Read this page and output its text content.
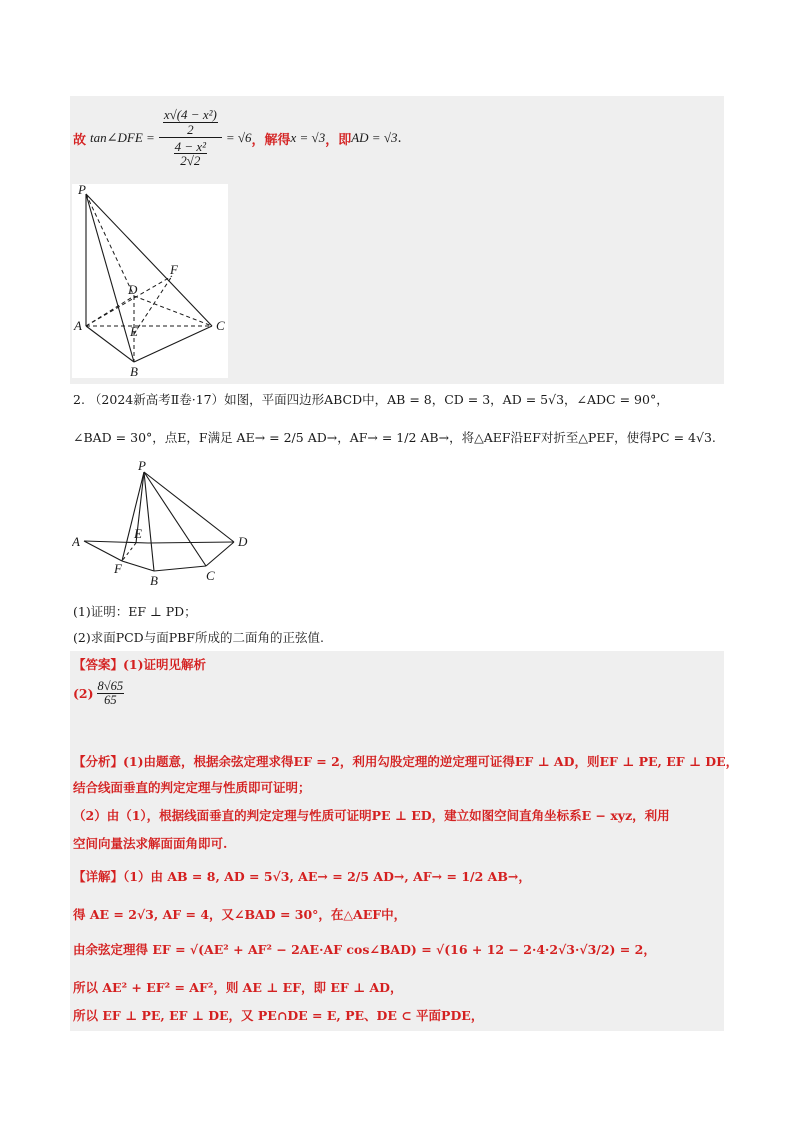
故 tan∠DFE = $\frac{\frac{\text{x√(4 − x²)}}{2}}{\frac{\text{4 − x²}}{2√2}} = √6$ ，解得 x = √3 ，即 AD = √3 .
P
F
D
A	C
E
B
2. （2024新高考Ⅱ卷·17）如图，平面四边形ABCD中，AB = 8，CD = 3，AD = 5√3，∠ADC = 90°，
∠BAD = 30°，点E，F满足 AE→ = 2/5 AD→，AF→ = 1/2 AB→，将△AEF沿EF对折至△PEF，使得PC = 4√3.
P
A
E
D
F
B	C
(1)证明：EF ⊥ PD；
(2)求面PCD与面PBF所成的二面角的正弦值.
【答案】(1)证明见解析
$(2) \frac{8√65}{65}$
【分析】(1)由题意，根据余弦定理求得EF = 2，利用勾股定理的逆定理可证得EF ⊥ AD，则EF ⊥ PE, EF ⊥ DE，
结合线面垂直的判定定理与性质即可证明；
（2）由（1），根据线面垂直的判定定理与性质可证明PE ⊥ ED，建立如图空间直角坐标系E − xyz，利用
空间向量法求解面面角即可.
【详解】（1）由 AB = 8, AD = 5√3, AE→ = 2/5 AD→, AF→ = 1/2 AB→，
得 AE = 2√3, AF = 4，又∠BAD = 30°，在△AEF中，
由余弦定理得 EF = √(AE² + AF² − 2AE·AF cos∠BAD) = √(16 + 12 − 2·4·2√3·√3/2) = 2，
所以 AE² + EF² = AF²，则 AE ⊥ EF，即 EF ⊥ AD，
所以 EF ⊥ PE, EF ⊥ DE，又 PE∩DE = E, PE、DE ⊂ 平面PDE，
